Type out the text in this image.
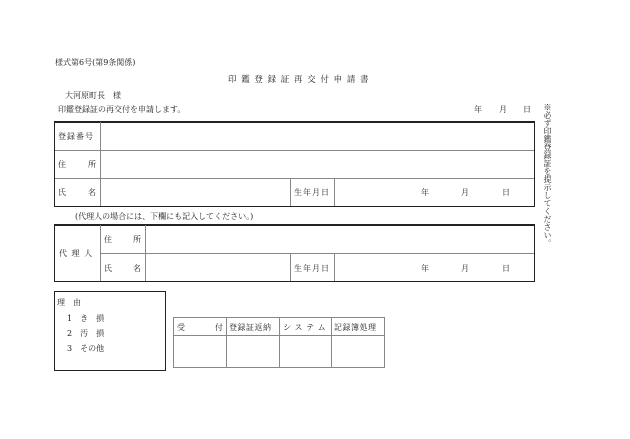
様式第6号(第9条関係)
印 鑑 登 録 証 再 交 付 申 請 書
大河原町長　様
印鑑登録証の再交付を申請します。	年 月 日 ※必ず印鑑登録証を提示してください。
登録番号
住	所
氏	名	生年月日	年	月	日
(代理人の場合には、下欄にも記入してください。)
代 理 人
住	所
氏	名	生年月日	年	月	日
理　由
1　き　損
2　汚　損
3　その他
受	付 登録証返納 シ ス テ ム 記録簿処理
